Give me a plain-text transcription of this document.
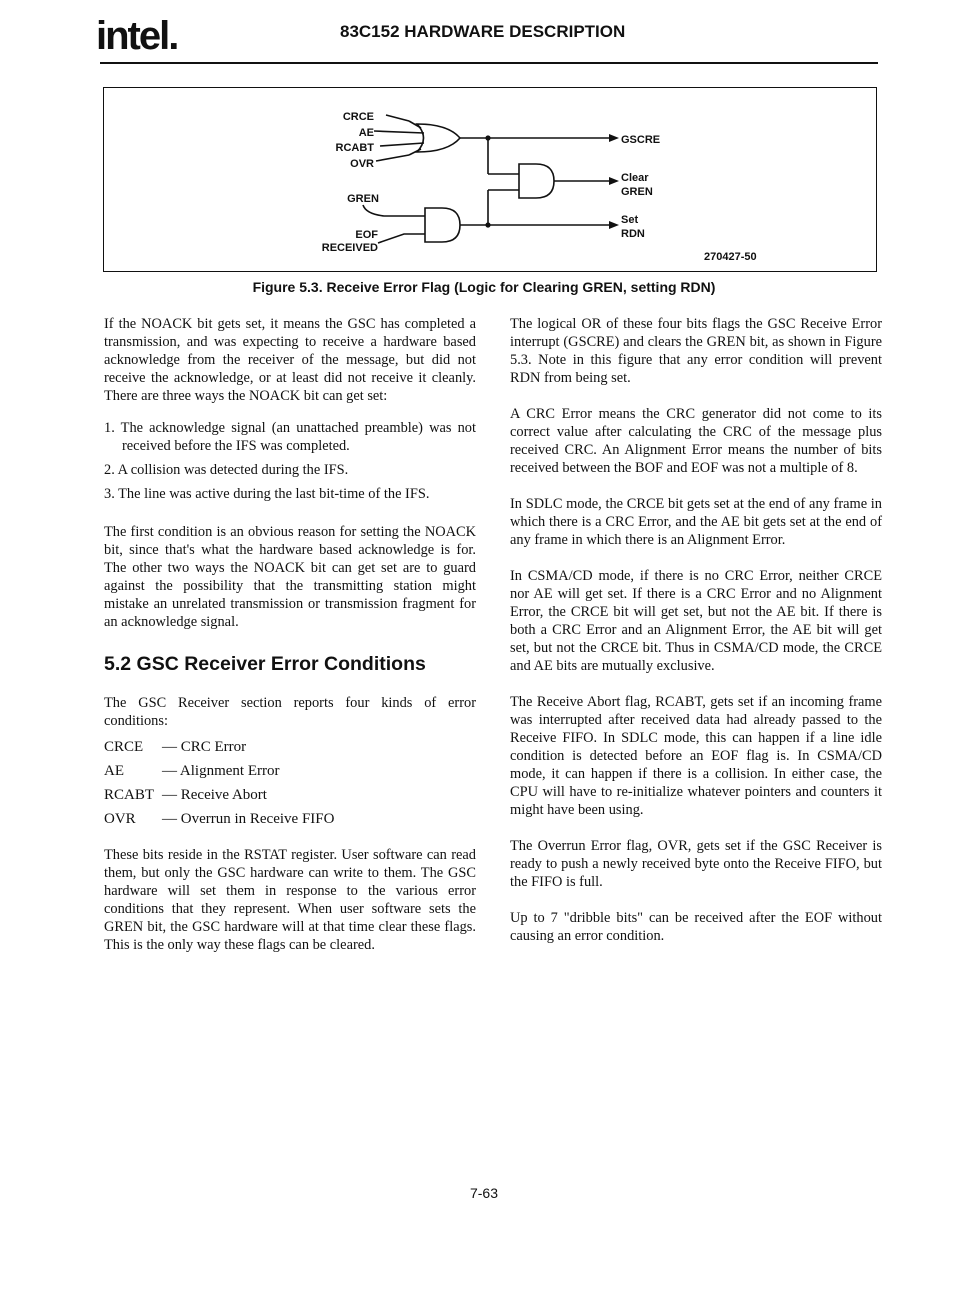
intel.	83C152 HARDWARE DESCRIPTION
CRCE
AE
RCABT
OVR
GREN
EOF
RECEIVED
GSCRE
Clear
GREN
Set
RDN
270427-50
Figure 5.3. Receive Error Flag (Logic for Clearing GREN, setting RDN)

If the NOACK bit gets set, it means the GSC has completed a transmission, and was expecting to receive a hardware based acknowledge from the receiver of the message, but did not receive the acknowledge, or at least did not receive it cleanly. There are three ways the NOACK bit can get set:

1. The acknowledge signal (an unattached preamble) was not received before the IFS was completed.

2. A collision was detected during the IFS.

3. The line was active during the last bit-time of the IFS.

The first condition is an obvious reason for setting the NOACK bit, since that's what the hardware based acknowledge is for. The other two ways the NOACK bit can get set are to guard against the possibility that the transmitting station might mistake an unrelated transmission or transmission fragment for an acknowledge signal.

5.2 GSC Receiver Error Conditions

The GSC Receiver section reports four kinds of error conditions:

CRCE	— CRC Error
AE	— Alignment Error
RCABT — Receive Abort
OVR	— Overrun in Receive FIFO

These bits reside in the RSTAT register. User software can read them, but only the GSC hardware can write to them. The GSC hardware will set them in response to the various error conditions that they represent. When user software sets the GREN bit, the GSC hardware will at that time clear these flags. This is the only way these flags can be cleared.

The logical OR of these four bits flags the GSC Receive Error interrupt (GSCRE) and clears the GREN bit, as shown in Figure 5.3. Note in this figure that any error condition will prevent RDN from being set.

A CRC Error means the CRC generator did not come to its correct value after calculating the CRC of the message plus received CRC. An Alignment Error means the number of bits received between the BOF and EOF was not a multiple of 8.

In SDLC mode, the CRCE bit gets set at the end of any frame in which there is a CRC Error, and the AE bit gets set at the end of any frame in which there is an Alignment Error.

In CSMA/CD mode, if there is no CRC Error, neither CRCE nor AE will get set. If there is a CRC Error and no Alignment Error, the CRCE bit will get set, but not the AE bit. If there is both a CRC Error and an Alignment Error, the AE bit will get set, but not the CRCE bit. Thus in CSMA/CD mode, the CRCE and AE bits are mutually exclusive.

The Receive Abort flag, RCABT, gets set if an incoming frame was interrupted after received data had already passed to the Receive FIFO. In SDLC mode, this can happen if a line idle condition is detected before an EOF flag is. In CSMA/CD mode, it can happen if there is a collision. In either case, the CPU will have to re-initialize whatever pointers and counters it might have been using.

The Overrun Error flag, OVR, gets set if the GSC Receiver is ready to push a newly received byte onto the Receive FIFO, but the FIFO is full.

Up to 7 "dribble bits" can be received after the EOF without causing an error condition.

7-63
